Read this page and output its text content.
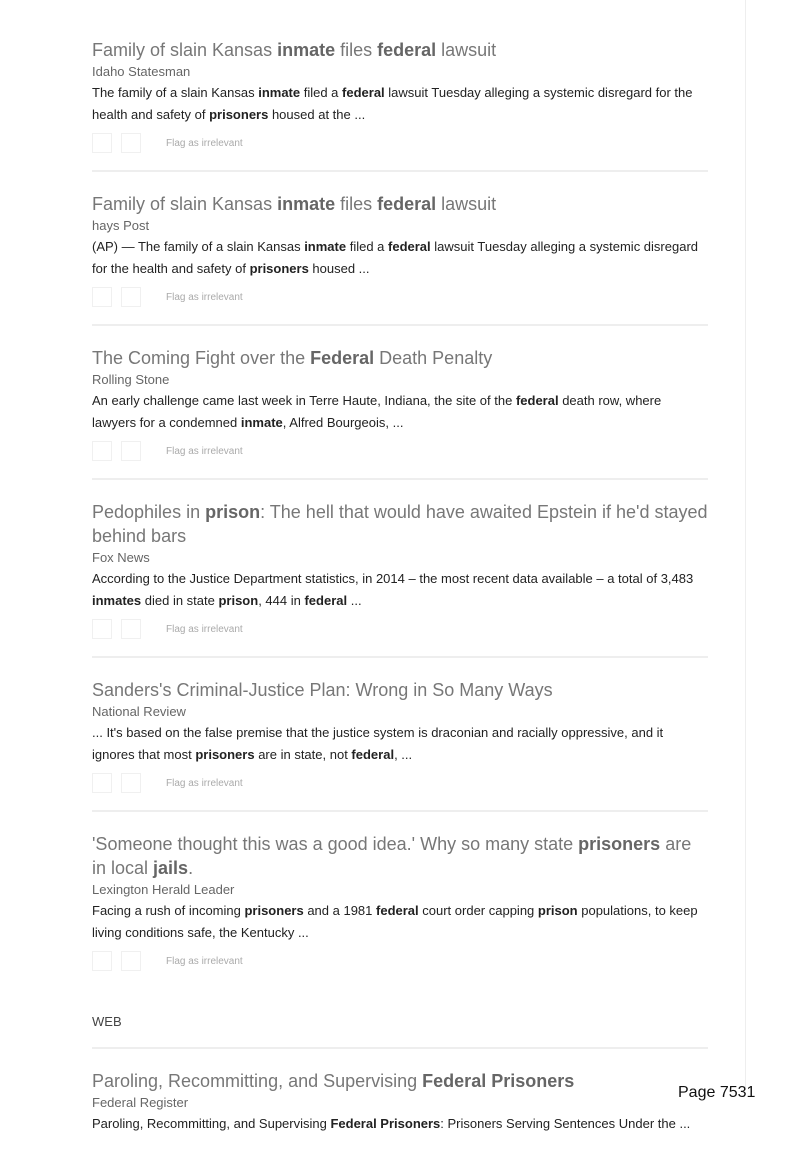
Family of slain Kansas inmate files federal lawsuit
Idaho Statesman
The family of a slain Kansas inmate filed a federal lawsuit Tuesday alleging a systemic disregard for the health and safety of prisoners housed at the ...
Flag as irrelevant
Family of slain Kansas inmate files federal lawsuit
hays Post
(AP) — The family of a slain Kansas inmate filed a federal lawsuit Tuesday alleging a systemic disregard for the health and safety of prisoners housed ...
Flag as irrelevant
The Coming Fight over the Federal Death Penalty
Rolling Stone
An early challenge came last week in Terre Haute, Indiana, the site of the federal death row, where lawyers for a condemned inmate, Alfred Bourgeois, ...
Flag as irrelevant
Pedophiles in prison: The hell that would have awaited Epstein if he'd stayed behind bars
Fox News
According to the Justice Department statistics, in 2014 – the most recent data available – a total of 3,483 inmates died in state prison, 444 in federal ...
Flag as irrelevant
Sanders's Criminal-Justice Plan: Wrong in So Many Ways
National Review
... It's based on the false premise that the justice system is draconian and racially oppressive, and it ignores that most prisoners are in state, not federal, ...
Flag as irrelevant
'Someone thought this was a good idea.' Why so many state prisoners are in local jails.
Lexington Herald Leader
Facing a rush of incoming prisoners and a 1981 federal court order capping prison populations, to keep living conditions safe, the Kentucky ...
Flag as irrelevant
WEB
Paroling, Recommitting, and Supervising Federal Prisoners
Federal Register
Paroling, Recommitting, and Supervising Federal Prisoners: Prisoners Serving Sentences Under the ...
Page 7531
